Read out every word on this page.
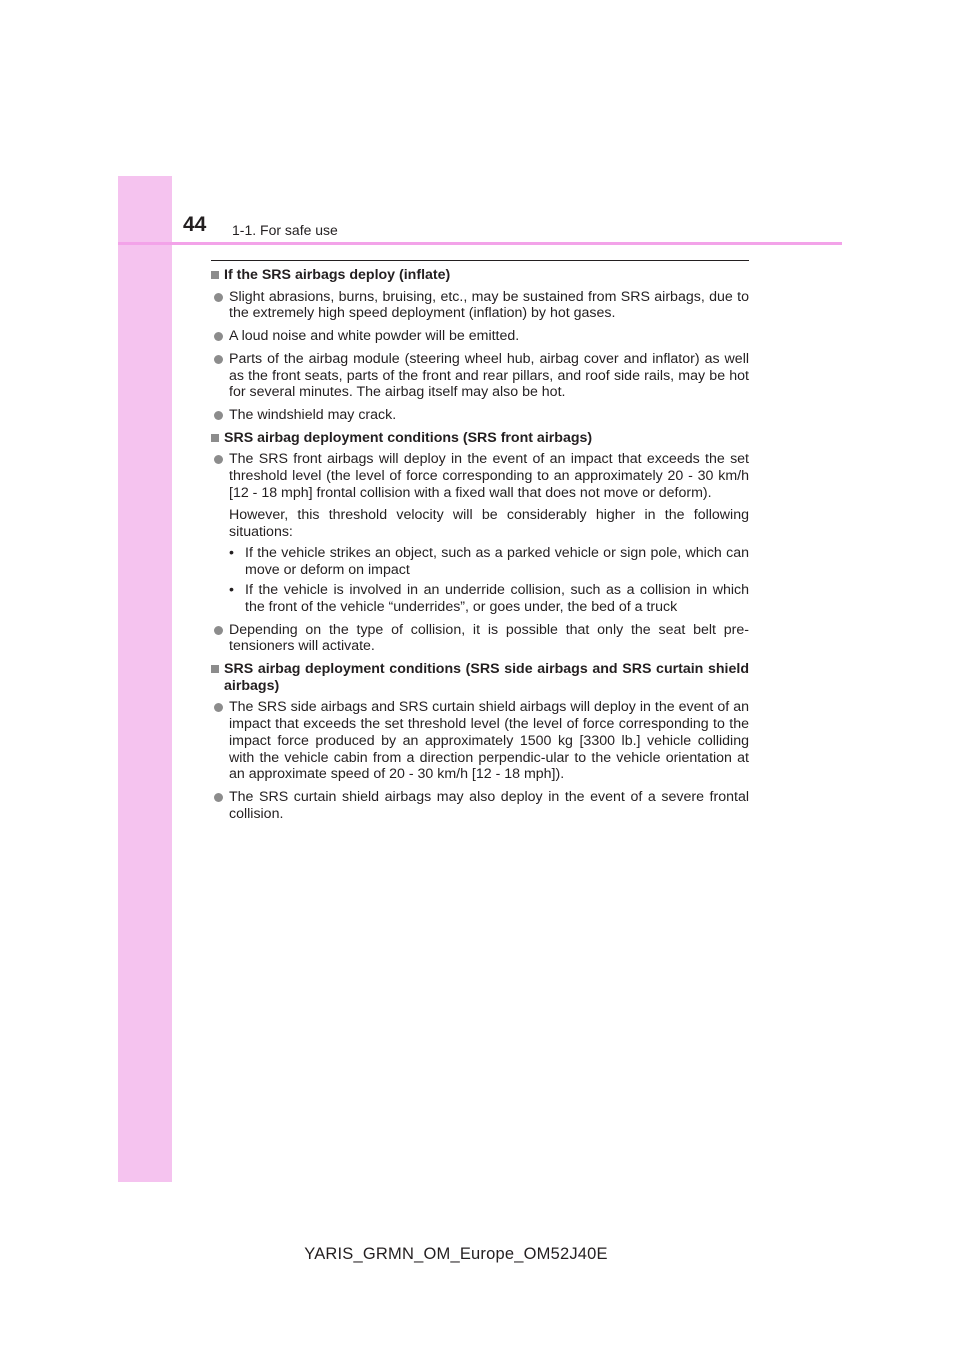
44 1-1. For safe use
If the SRS airbags deploy (inflate)
Slight abrasions, burns, bruising, etc., may be sustained from SRS airbags, due to the extremely high speed deployment (inflation) by hot gases.
A loud noise and white powder will be emitted.
Parts of the airbag module (steering wheel hub, airbag cover and inflator) as well as the front seats, parts of the front and rear pillars, and roof side rails, may be hot for several minutes. The airbag itself may also be hot.
The windshield may crack.
SRS airbag deployment conditions (SRS front airbags)
The SRS front airbags will deploy in the event of an impact that exceeds the set threshold level (the level of force corresponding to an approximately 20 - 30 km/h [12 - 18 mph] frontal collision with a fixed wall that does not move or deform).
However, this threshold velocity will be considerably higher in the following situations:
• If the vehicle strikes an object, such as a parked vehicle or sign pole, which can move or deform on impact
• If the vehicle is involved in an underride collision, such as a collision in which the front of the vehicle “underrides”, or goes under, the bed of a truck
Depending on the type of collision, it is possible that only the seat belt pre-tensioners will activate.
SRS airbag deployment conditions (SRS side airbags and SRS curtain shield airbags)
The SRS side airbags and SRS curtain shield airbags will deploy in the event of an impact that exceeds the set threshold level (the level of force corresponding to the impact force produced by an approximately 1500 kg [3300 lb.] vehicle colliding with the vehicle cabin from a direction perpendic-ular to the vehicle orientation at an approximate speed of 20 - 30 km/h [12 - 18 mph]).
The SRS curtain shield airbags may also deploy in the event of a severe frontal collision.
YARIS_GRMN_OM_Europe_OM52J40E
